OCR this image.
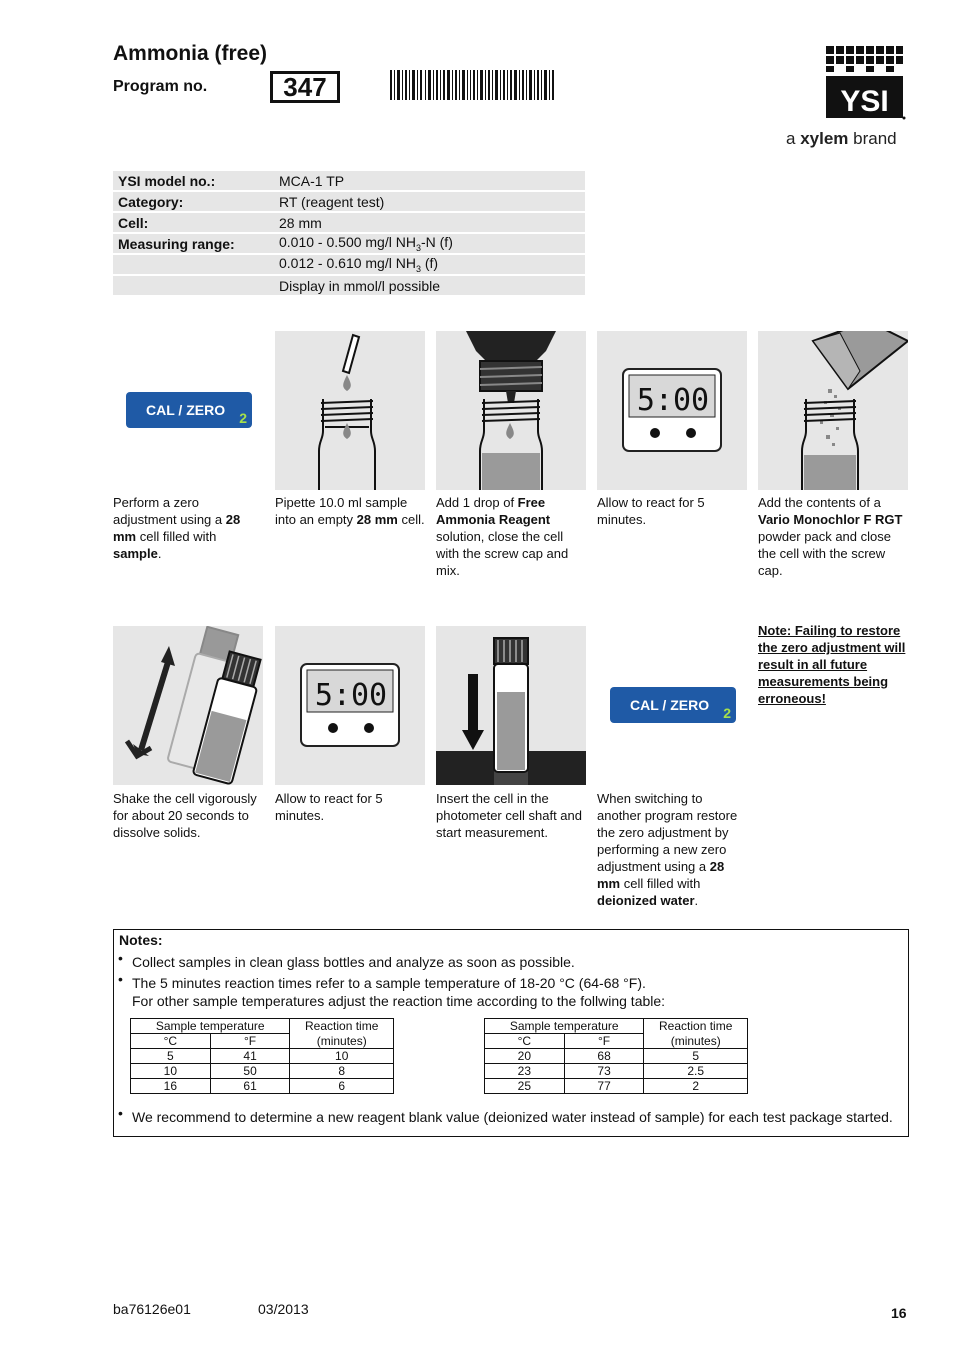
Ammonia (free)
Program no.	347	YSI
a xylem brand
YSI model no.:	MCA-1 TP
Category:	RT (reagent test)
Cell:	28 mm
Measuring range:	0.010 - 0.500 mg/l $NH_3-N$ (f)
	0.012 - 0.610 mg/l $NH_3$ (f)
	Display in mmol/l possible
CAL / ZERO 2	5:00
Perform a zero adjustment using a 28 mm cell filled with sample.
Pipette 10.0 ml sample into an empty 28 mm cell.
Add 1 drop of Free Ammonia Reagent solution, close the cell with the screw cap and mix.
Allow to react for 5 minutes.
Add the contents of a Vario Monochlor F RGT powder pack and close the cell with the screw cap.
5:00	CAL / ZERO 2
Note: Failing to restore the zero adjustment will result in all future measurements being erroneous!
Shake the cell vigorously for about 20 seconds to dissolve solids.
Allow to react for 5 minutes.
Insert the cell in the photometer cell shaft and start measurement.
When switching to another program restore the zero adjustment by performing a new zero adjustment using a 28 mm cell filled with deionized water.
Notes:
• Collect samples in clean glass bottles and analyze as soon as possible.
• The 5 minutes reaction times refer to a sample temperature of 18-20 °C (64-68 °F).
For other sample temperatures adjust the reaction time according to the follwing table:
Sample temperature		Reaction time
°C	°F	(minutes)
5	41	10
10	50	8
16	61	6
Sample temperature		Reaction time
°C	°F	(minutes)
20	68	5
23	73	2.5
25	77	2
• We recommend to determine a new reagent blank value (deionized water instead of sample) for each test package started.
ba76126e01	03/2013	16
